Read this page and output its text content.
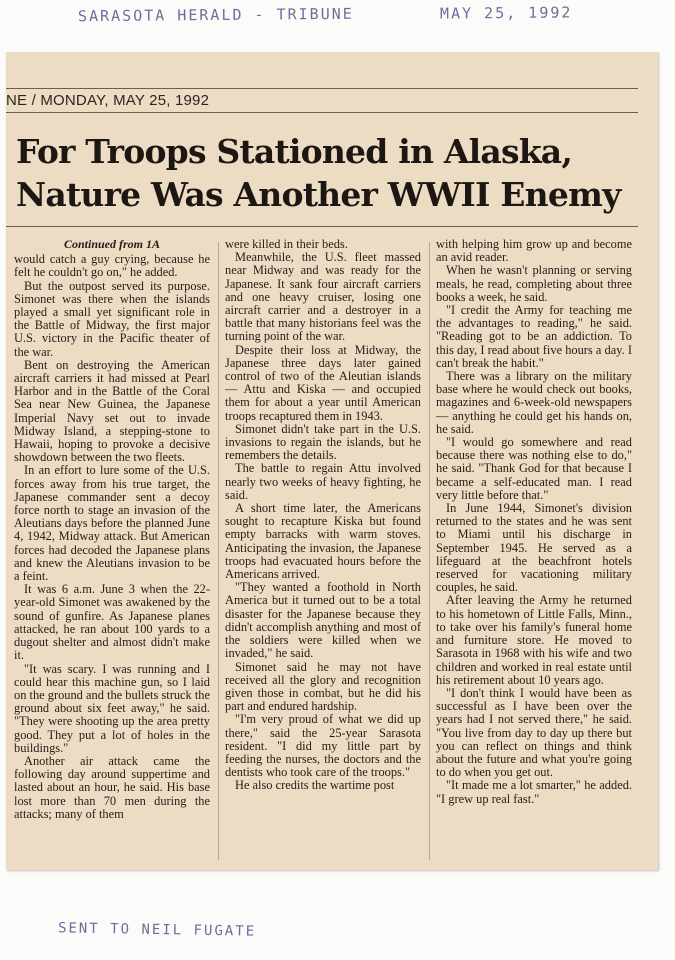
SARASOTA HERALD - TRIBUNE	MAY 25, 1992
NE / MONDAY, MAY 25, 1992
For Troops Stationed in Alaska, Nature Was Another WWII Enemy
Continued from 1A

would catch a guy crying, because he felt he couldn't go on," he added.

But the outpost served its purpose. Simonet was there when the islands played a small yet significant role in the Battle of Midway, the first major U.S. victory in the Pacific theater of the war.

Bent on destroying the American aircraft carriers it had missed at Pearl Harbor and in the Battle of the Coral Sea near New Guinea, the Japanese Imperial Navy set out to invade Midway Island, a stepping-stone to Hawaii, hoping to provoke a decisive showdown between the two fleets.

In an effort to lure some of the U.S. forces away from his true target, the Japanese commander sent a decoy force north to stage an invasion of the Aleutians days before the planned June 4, 1942, Midway attack. But American forces had decoded the Japanese plans and knew the Aleutians invasion to be a feint.

It was 6 a.m. June 3 when the 22-year-old Simonet was awakened by the sound of gunfire. As Japanese planes attacked, he ran about 100 yards to a dugout shelter and almost didn't make it.

"It was scary. I was running and I could hear this machine gun, so I laid on the ground and the bullets struck the ground about six feet away," he said. "They were shooting up the area pretty good. They put a lot of holes in the buildings."

Another air attack came the following day around suppertime and lasted about an hour, he said. His base lost more than 70 men during the attacks; many of them

were killed in their beds.

Meanwhile, the U.S. fleet massed near Midway and was ready for the Japanese. It sank four aircraft carriers and one heavy cruiser, losing one aircraft carrier and a destroyer in a battle that many historians feel was the turning point of the war.

Despite their loss at Midway, the Japanese three days later gained control of two of the Aleutian islands — Attu and Kiska — and occupied them for about a year until American troops recaptured them in 1943.

Simonet didn't take part in the U.S. invasions to regain the islands, but he remembers the details.

The battle to regain Attu involved nearly two weeks of heavy fighting, he said.

A short time later, the Americans sought to recapture Kiska but found empty barracks with warm stoves. Anticipating the invasion, the Japanese troops had evacuated hours before the Americans arrived.

"They wanted a foothold in North America but it turned out to be a total disaster for the Japanese because they didn't accomplish anything and most of the soldiers were killed when we invaded," he said.

Simonet said he may not have received all the glory and recognition given those in combat, but he did his part and endured hardship.

"I'm very proud of what we did up there," said the 25-year Sarasota resident. "I did my little part by feeding the nurses, the doctors and the dentists who took care of the troops."

He also credits the wartime post

with helping him grow up and become an avid reader.

When he wasn't planning or serving meals, he read, completing about three books a week, he said.

"I credit the Army for teaching me the advantages to reading," he said. "Reading got to be an addiction. To this day, I read about five hours a day. I can't break the habit."

There was a library on the military base where he would check out books, magazines and 6-week-old newspapers — anything he could get his hands on, he said.

"I would go somewhere and read because there was nothing else to do," he said. "Thank God for that because I became a self-educated man. I read very little before that."

In June 1944, Simonet's division returned to the states and he was sent to Miami until his discharge in September 1945. He served as a lifeguard at the beachfront hotels reserved for vacationing military couples, he said.

After leaving the Army he returned to his hometown of Little Falls, Minn., to take over his family's funeral home and furniture store. He moved to Sarasota in 1968 with his wife and two children and worked in real estate until his retirement about 10 years ago.

"I don't think I would have been as successful as I have been over the years had I not served there," he said. "You live from day to day up there but you can reflect on things and think about the future and what you're going to do when you get out.

"It made me a lot smarter," he added. "I grew up real fast."

SENT TO NEIL FUGATE
